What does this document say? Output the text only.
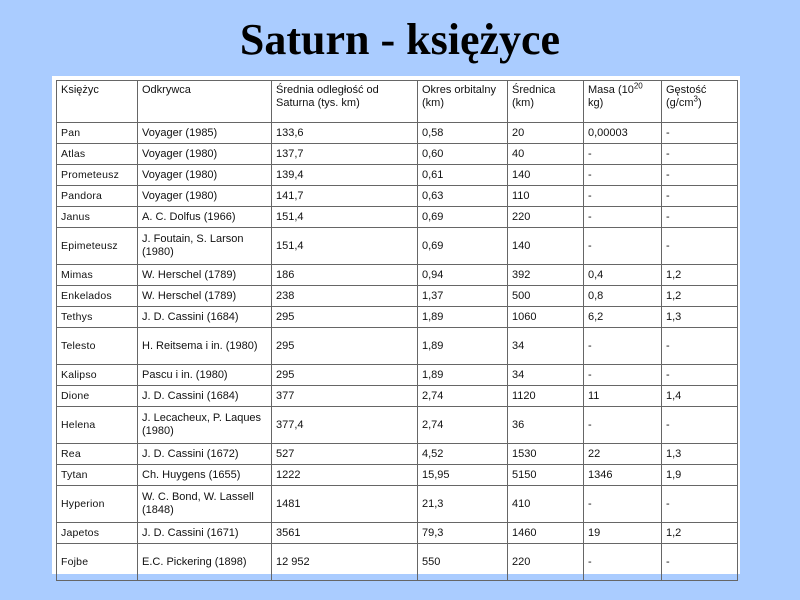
Saturn - księżyce
Księżyc	Odkrywca	Średnia odległość od Saturna (tys. km)	Okres orbitalny (km)	Średnica (km)	Masa ($10^{20}$ kg)	Gęstość $(g/cm^3)$
Pan	Voyager (1985)	133,6	0,58	20	0,00003	-
Atlas	Voyager (1980)	137,7	0,60	40	-	-
Prometeusz	Voyager (1980)	139,4	0,61	140	-	-
Pandora	Voyager (1980)	141,7	0,63	110	-	-
Janus	A. C. Dolfus (1966)	151,4	0,69	220	-	-
Epimeteusz	J. Foutain, S. Larson (1980)	151,4	0,69	140	-	-
Mimas	W. Herschel (1789)	186	0,94	392	0,4	1,2
Enkelados	W. Herschel (1789)	238	1,37	500	0,8	1,2
Tethys	J. D. Cassini (1684)	295	1,89	1060	6,2	1,3
Telesto	H. Reitsema i in. (1980)	295	1,89	34	-	-
Kalipso	Pascu i in. (1980)	295	1,89	34	-	-
Dione	J. D. Cassini (1684)	377	2,74	1120	11	1,4
Helena	J. Lecacheux, P. Laques (1980)	377,4	2,74	36	-	-
Rea	J. D. Cassini (1672)	527	4,52	1530	22	1,3
Tytan	Ch. Huygens (1655)	1222	15,95	5150	1346	1,9
Hyperion	W. C. Bond, W. Lassell (1848)	1481	21,3	410	-	-
Japetos	J. D. Cassini (1671)	3561	79,3	1460	19	1,2
Fojbe	E.C. Pickering (1898)	12 952	550	220	-	-
